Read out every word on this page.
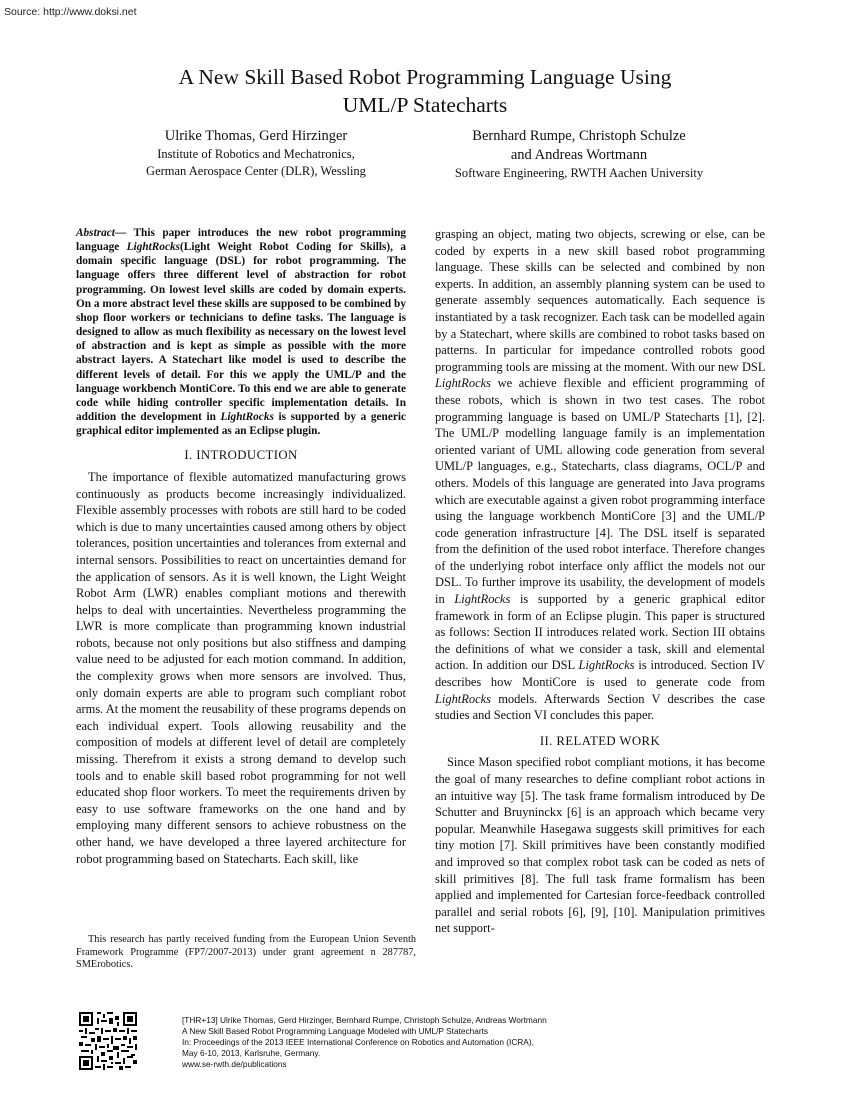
Source: http://www.doksi.net
A New Skill Based Robot Programming Language Using
UML/P Statecharts
Ulrike Thomas, Gerd Hirzinger
Institute of Robotics and Mechatronics,
German Aerospace Center (DLR), Wessling
Bernhard Rumpe, Christoph Schulze
and Andreas Wortmann
Software Engineering, RWTH Aachen University

Abstract— This paper introduces the new robot programming language LightRocks(Light Weight Robot Coding for Skills), a domain specific language (DSL) for robot programming. The language offers three different level of abstraction for robot programming. On lowest level skills are coded by domain experts. On a more abstract level these skills are supposed to be combined by shop floor workers or technicians to define tasks. The language is designed to allow as much flexibility as necessary on the lowest level of abstraction and is kept as simple as possible with the more abstract layers. A Statechart like model is used to describe the different levels of detail. For this we apply the UML/P and the language workbench MontiCore. To this end we are able to generate code while hiding controller specific implementation details. In addition the development in LightRocks is supported by a generic graphical editor implemented as an Eclipse plugin.

I. INTRODUCTION

The importance of flexible automatized manufacturing grows continuously as products become increasingly individualized. Flexible assembly processes with robots are still hard to be coded which is due to many uncertainties caused among others by object tolerances, position uncertainties and tolerances from external and internal sensors. Possibilities to react on uncertainties demand for the application of sensors. As it is well known, the Light Weight Robot Arm (LWR) enables compliant motions and therewith helps to deal with uncertainties. Nevertheless programming the LWR is more complicate than programming known industrial robots, because not only positions but also stiffness and damping value need to be adjusted for each motion command. In addition, the complexity grows when more sensors are involved. Thus, only domain experts are able to program such compliant robot arms. At the moment the reusability of these programs depends on each individual expert. Tools allowing reusability and the composition of models at different level of detail are completely missing. Therefrom it exists a strong demand to develop such tools and to enable skill based robot programming for not well educated shop floor workers. To meet the requirements driven by easy to use software frameworks on the one hand and by employing many different sensors to achieve robustness on the other hand, we have developed a three layered architecture for robot programming based on Statecharts. Each skill, like

grasping an object, mating two objects, screwing or else, can be coded by experts in a new skill based robot programming language. These skills can be selected and combined by non experts. In addition, an assembly planning system can be used to generate assembly sequences automatically. Each sequence is instantiated by a task recognizer. Each task can be modelled again by a Statechart, where skills are combined to robot tasks based on patterns. In particular for impedance controlled robots good programming tools are missing at the moment. With our new DSL LightRocks we achieve flexible and efficient programming of these robots, which is shown in two test cases. The robot programming language is based on UML/P Statecharts [1], [2]. The UML/P modelling language family is an implementation oriented variant of UML allowing code generation from several UML/P languages, e.g., Statecharts, class diagrams, OCL/P and others. Models of this language are generated into Java programs which are executable against a given robot programming interface using the language workbench MontiCore [3] and the UML/P code generation infrastructure [4]. The DSL itself is separated from the definition of the used robot interface. Therefore changes of the underlying robot interface only afflict the models not our DSL. To further improve its usability, the development of models in LightRocks is supported by a generic graphical editor framework in form of an Eclipse plugin. This paper is structured as follows: Section II introduces related work. Section III obtains the definitions of what we consider a task, skill and elemental action. In addition our DSL LightRocks is introduced. Section IV describes how MontiCore is used to generate code from LightRocks models. Afterwards Section V describes the case studies and Section VI concludes this paper.

II. RELATED WORK

Since Mason specified robot compliant motions, it has become the goal of many researches to define compliant robot actions in an intuitive way [5]. The task frame formalism introduced by De Schutter and Bruyninckx [6] is an approach which became very popular. Meanwhile Hasegawa suggests skill primitives for each tiny motion [7]. Skill primitives have been constantly modified and improved so that complex robot task can be coded as nets of skill primitives [8]. The full task frame formalism has been applied and implemented for Cartesian force-feedback controlled parallel and serial robots [6], [9], [10]. Manipulation primitives net support-

This research has partly received funding from the European Union Seventh Framework Programme (FP7/2007-2013) under grant agreement n 287787, SMErobotics.
[THR+13] Ulrike Thomas, Gerd Hirzinger, Bernhard Rumpe, Christoph Schulze, Andreas Wortmann
A New Skill Based Robot Programming Language Modeled with UML/P Statecharts
In: Proceedings of the 2013 IEEE International Conference on Robotics and Automation (ICRA),
May 6-10, 2013, Karlsruhe, Germany.
www.se-rwth.de/publications
